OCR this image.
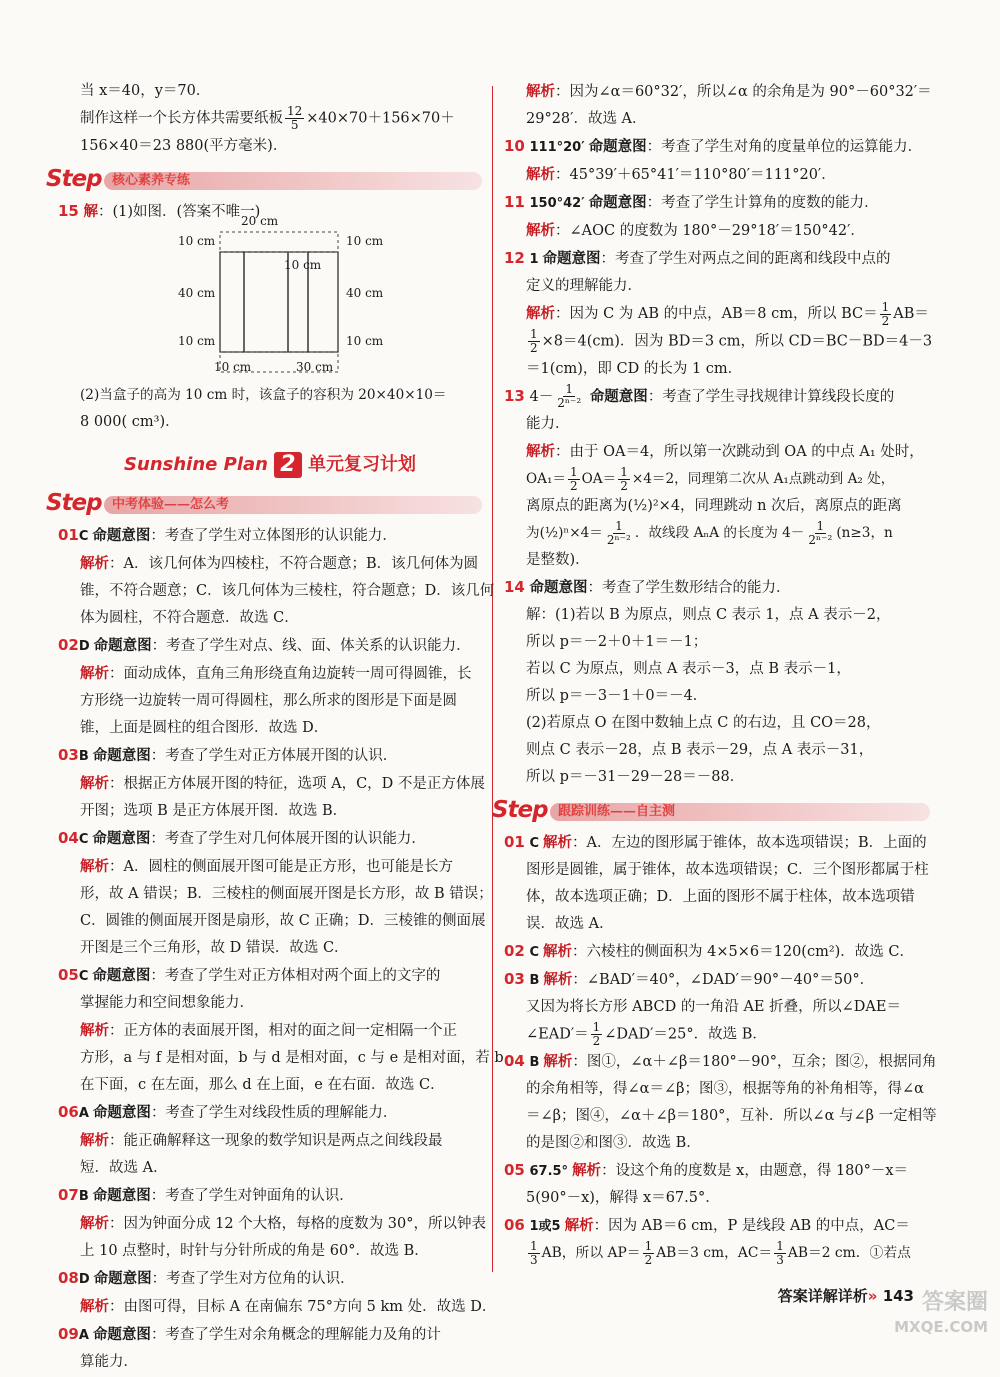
当 x＝40，y＝70．

制作这样一个长方体共需要纸板 $\frac{12}{5} \times 40\times 70+156\times 70+$

156×40＝23 880(平方毫米)．

Step 核心素养专练

15 解：(1)如图．(答案不唯一)

20 cm
10 cm	10 cm
40 cm	40 cm
10 cm
10 cm	10 cm
10 cm	30 cm

(2)当盒子的高为 10 cm 时，该盒子的容积为 20×40×10＝

8 000( cm³)．

Sunshine Plan 2 单元复习计划
Step 中考体验——怎么考

01C 命题意图：考查了学生对立体图形的认识能力．

解析：A．该几何体为四棱柱，不符合题意；B．该几何体为圆

锥，不符合题意；C．该几何体为三棱柱，符合题意；D．该几何

体为圆柱，不符合题意．故选 C．

02D 命题意图：考查了学生对点、线、面、体关系的认识能力．

解析：面动成体，直角三角形绕直角边旋转一周可得圆锥，长

方形绕一边旋转一周可得圆柱，那么所求的图形是下面是圆

锥，上面是圆柱的组合图形．故选 D．

03B 命题意图：考查了学生对正方体展开图的认识．

解析：根据正方体展开图的特征，选项 A，C，D 不是正方体展

开图；选项 B 是正方体展开图．故选 B．

04C 命题意图：考查了学生对几何体展开图的认识能力．

解析：A．圆柱的侧面展开图可能是正方形，也可能是长方

形，故 A 错误；B．三棱柱的侧面展开图是长方形，故 B 错误；

C．圆锥的侧面展开图是扇形，故 C 正确；D．三棱锥的侧面展

开图是三个三角形，故 D 错误．故选 C．

05C 命题意图：考查了学生对正方体相对两个面上的文字的

掌握能力和空间想象能力．

解析：正方体的表面展开图，相对的面之间一定相隔一个正

方形，a 与 f 是相对面，b 与 d 是相对面，c 与 e 是相对面，若 b

在下面，c 在左面，那么 d 在上面，e 在右面．故选 C．

06A 命题意图：考查了学生对线段性质的理解能力．

解析：能正确解释这一现象的数学知识是两点之间线段最

短．故选 A．

07B 命题意图：考查了学生对钟面角的认识．

解析：因为钟面分成 12 个大格，每格的度数为 30°，所以钟表

上 10 点整时，时针与分针所成的角是 60°．故选 B．

08D 命题意图：考查了学生对方位角的认识．

解析：由图可得，目标 A 在南偏东 75°方向 5 km 处．故选 D．

09A 命题意图：考查了学生对余角概念的理解能力及角的计

算能力．

解析：因为∠α＝60°32′，所以∠α 的余角是为 90°－60°32′＝

29°28′．故选 A．

10 111°20′ 命题意图：考查了学生对角的度量单位的运算能力．

解析：45°39′＋65°41′＝110°80′＝111°20′．

11 150°42′ 命题意图：考查了学生计算角的度数的能力．

解析：∠AOC 的度数为 180°－29°18′＝150°42′．

12 1 命题意图：考查了学生对两点之间的距离和线段中点的

定义的理解能力．

解析：因为 C 为 AB 的中点，AB＝8 cm，所以 $BC= \frac{1}{2} AB=$

$\frac{1}{2} \times 8=4(cm)$．因为 BD＝3 cm，所以 CD＝BC－BD＝4－3

＝1(cm)，即 CD 的长为 1 cm．

13 $4- \frac{1}{\text{2ⁿ⁻²}}$ 命题意图：考查了学生寻找规律计算线段长度的

能力．

解析：由于 OA＝4，所以第一次跳动到 OA 的中点 A₁ 处时，

$OA_1= \frac{1}{2} OA= \frac{1}{2} \times 4=2$，同理第二次从 A₁点跳动到 A₂ 处，

离原点的距离为(½)²×4，同理跳动 n 次后，离原点的距离

为(½)ⁿ×4＝ $\frac{1}{\text{2ⁿ⁻²}}$ ．故线段 AₙA 的长度为 $4- \frac{1}{\text{2ⁿ⁻²}} (n\ge 3$，n

是整数)．

14 命题意图：考查了学生数形结合的能力．

解：(1)若以 B 为原点，则点 C 表示 1，点 A 表示－2，

所以 p＝－2＋0＋1＝－1；

若以 C 为原点，则点 A 表示－3，点 B 表示－1，

所以 p＝－3－1＋0＝－4．

(2)若原点 O 在图中数轴上点 C 的右边，且 CO＝28，

则点 C 表示－28，点 B 表示－29，点 A 表示－31，

所以 p＝－31－29－28＝－88．

Step 跟踪训练——自主测

01 C 解析：A．左边的图形属于锥体，故本选项错误；B．上面的

图形是圆锥，属于锥体，故本选项错误；C．三个图形都属于柱

体，故本选项正确；D．上面的图形不属于柱体，故本选项错

误．故选 A．

02 C 解析：六棱柱的侧面积为 4×5×6＝120(cm²)．故选 C．

03 B 解析：∠BAD′＝40°，∠DAD′＝90°－40°＝50°．

又因为将长方形 ABCD 的一角沿 AE 折叠，所以∠DAE＝

∠EAD′＝ $\frac{1}{2}$ ∠DAD′＝25°．故选 B．

04 B 解析：图①，∠α＋∠β＝180°－90°，互余；图②，根据同角

的余角相等，得∠α＝∠β；图③，根据等角的补角相等，得∠α

＝∠β；图④，∠α＋∠β＝180°，互补．所以∠α 与∠β 一定相等

的是图②和图③．故选 B．

05 67.5° 解析：设这个角的度数是 x，由题意，得 180°－x＝

5(90°－x)，解得 x＝67.5°．

06 1或5 解析：因为 AB＝6 cm，P 是线段 AB 的中点，AC＝

$\frac{1}{3}$ AB，所以 $AP= \frac{1}{2} AB=3$ cm，$AC= \frac{1}{3} AB=2$ cm．①若点

答案详解详析» 143 答案圈
MXQE.COM
